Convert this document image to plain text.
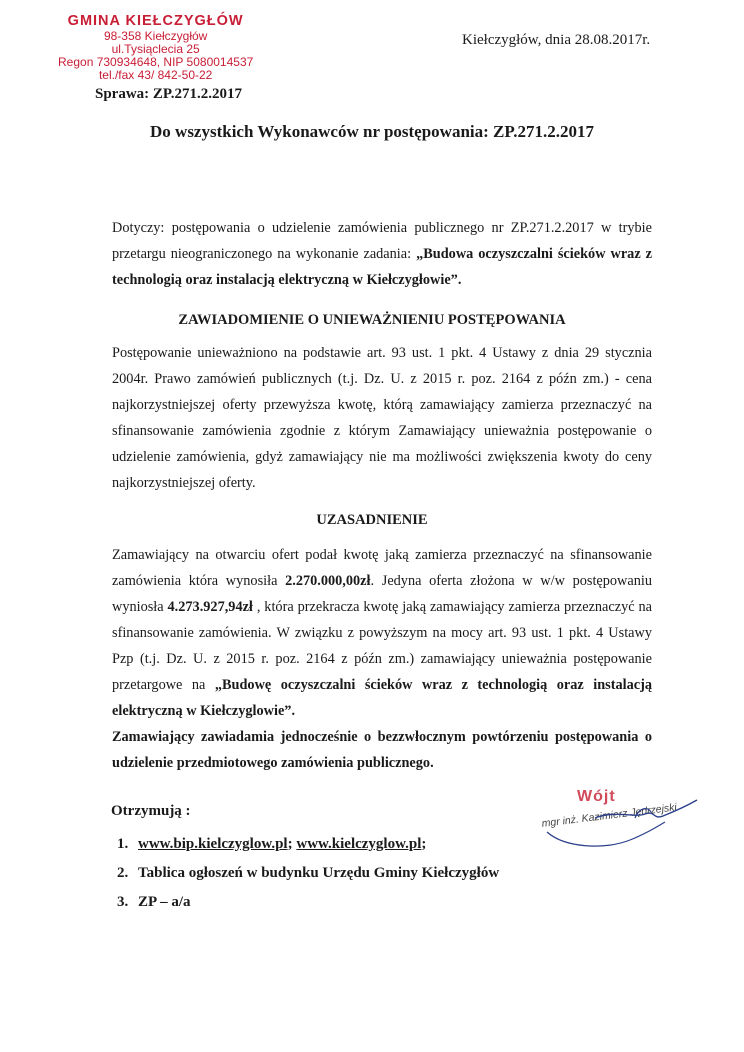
GMINA KIEŁCZYGŁÓW
98-358 Kiełczygłów
ul.Tysiąclecia 25
Regon 730934648, NIP 5080014537
tel./fax 43/ 842-50-22
Kiełczygłów, dnia 28.08.2017r.
Sprawa: ZP.271.2.2017
Do wszystkich Wykonawców nr postępowania: ZP.271.2.2017
Dotyczy: postępowania o udzielenie zamówienia publicznego nr ZP.271.2.2017 w trybie przetargu nieograniczonego na wykonanie zadania: „Budowa oczyszczalni ścieków wraz z technologią oraz instalacją elektryczną w Kiełczygłowie”.
ZAWIADOMIENIE O UNIEWAŻNIENIU POSTĘPOWANIA
Postępowanie unieważniono na podstawie art. 93 ust. 1 pkt. 4 Ustawy z dnia 29 stycznia 2004r. Prawo zamówień publicznych (t.j. Dz. U. z 2015 r. poz. 2164 z późn zm.) - cena najkorzystniejszej oferty przewyższa kwotę, którą zamawiający zamierza przeznaczyć na sfinansowanie zamówienia zgodnie z którym Zamawiający unieważnia postępowanie o udzielenie zamówienia, gdyż zamawiający nie ma możliwości zwiększenia kwoty do ceny najkorzystniejszej oferty.
UZASADNIENIE
Zamawiający na otwarciu ofert podał kwotę jaką zamierza przeznaczyć na sfinansowanie zamówienia która wynosiła 2.270.000,00zł. Jedyna oferta złożona w w/w postępowaniu wyniosła 4.273.927,94zł , która przekracza kwotę jaką zamawiający zamierza przeznaczyć na sfinansowanie zamówienia. W związku z powyższym na mocy art. 93 ust. 1 pkt. 4 Ustawy Pzp (t.j. Dz. U. z 2015 r. poz. 2164 z późn zm.) zamawiający unieważnia postępowanie przetargowe na „Budowę oczyszczalni ścieków wraz z technologią oraz instalacją elektryczną w Kiełczyglowie”.
Zamawiający zawiadamia jednocześnie o bezzwłocznym powtórzeniu postępowania o udzielenie przedmiotowego zamówienia publicznego.
Otrzymują :
1. www.bip.kielczyglow.pl; www.kielczyglow.pl;
2. Tablica ogłoszeń w budynku Urzędu Gminy Kiełczygłów
3. ZP – a/a
Wójt
mgr inż. Kazimierz Jędrzejski
